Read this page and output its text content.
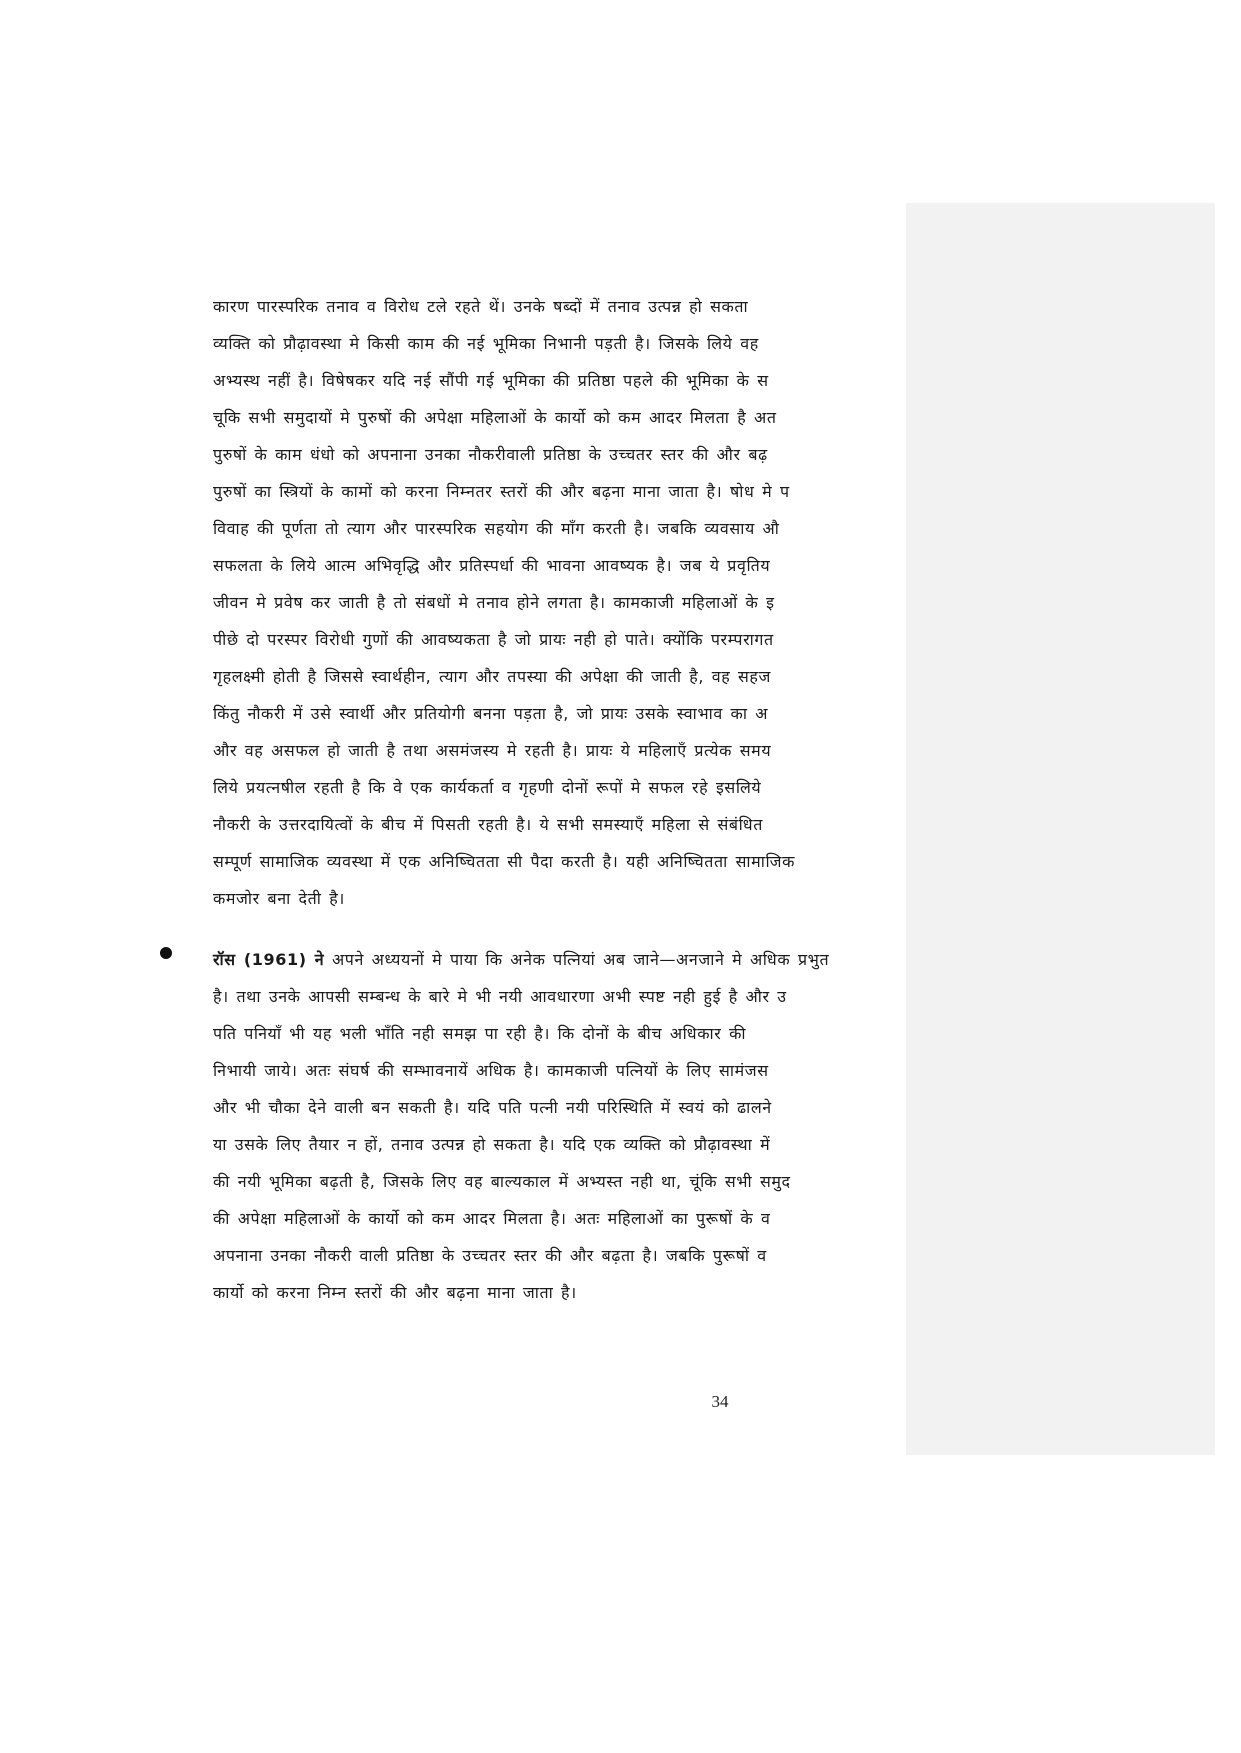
कारण पारस्परिक तनाव व विरोध टले रहते थें। उनके षब्दों में तनाव उत्पन्न हो सकता
व्यक्ति को प्रौढ़ावस्था मे किसी काम की नई भूमिका निभानी पड़ती है। जिसके लिये वह
अभ्यस्थ नहीं है। विषेषकर यदि नई सौंपी गई भूमिका की प्रतिष्ठा पहले की भूमिका के स
चूकि सभी समुदायों मे पुरुषों की अपेक्षा महिलाओं के कार्यो को कम आदर मिलता है अत
पुरुषों के काम धंधो को अपनाना उनका नौकरीवाली प्रतिष्ठा के उच्चतर स्तर की और बढ़
पुरुषों का स्त्रियों के कामों को करना निम्नतर स्तरों की और बढ़ना माना जाता है। षोध मे प
विवाह की पूर्णता तो त्याग और पारस्परिक सहयोग की माँग करती है। जबकि व्यवसाय औ
सफलता के लिये आत्म अभिवृद्धि और प्रतिस्पर्धा की भावना आवष्यक है। जब ये प्रवृतिय
जीवन मे प्रवेष कर जाती है तो संबधों मे तनाव होने लगता है। कामकाजी महिलाओं के इ
पीछे दो परस्पर विरोधी गुणों की आवष्यकता है जो प्रायः नही हो पाते। क्योंकि परम्परागत
गृहलक्ष्मी होती है जिससे स्वार्थहीन, त्याग और तपस्या की अपेक्षा की जाती है, वह सहज
किंतु नौकरी में उसे स्वार्थी और प्रतियोगी बनना पड़ता है, जो प्रायः उसके स्वाभाव का अ
और वह असफल हो जाती है तथा असमंजस्य मे रहती है। प्रायः ये महिलाएँ प्रत्येक समय
लिये प्रयत्नषील रहती है कि वे एक कार्यकर्ता व गृहणी दोनों रूपों मे सफल रहे इसलिये
नौकरी के उत्तरदायित्वों के बीच में पिसती रहती है। ये सभी समस्याएँ महिला से संबंधित
सम्पूर्ण सामाजिक व्यवस्था में एक अनिष्चितता सी पैदा करती है। यही अनिष्चितता सामाजिक
कमजोर बना देती है।
रॉस (1961) ने अपने अध्ययनों मे पाया कि अनेक पत्नियां अब जाने—अनजाने मे अधिक प्रभुत
है। तथा उनके आपसी सम्बन्ध के बारे मे भी नयी आवधारणा अभी स्पष्ट नही हुई है और उ
पति पनियाँ भी यह भली भाँति नही समझ पा रही है। कि दोनों के बीच अधिकार की
निभायी जाये। अतः संघर्ष की सम्भावनायें अधिक है। कामकाजी पत्नियों के लिए सामंजस
और भी चौका देने वाली बन सकती है। यदि पति पत्नी नयी परिस्थिति में स्वयं को ढालने
या उसके लिए तैयार न हों, तनाव उत्पन्न हो सकता है। यदि एक व्यक्ति को प्रौढ़ावस्था में
की नयी भूमिका बढ़ती है, जिसके लिए वह बाल्यकाल में अभ्यस्त नही था, चूंकि सभी समुद
की अपेक्षा महिलाओं के कार्यो को कम आदर मिलता है। अतः महिलाओं का पुरूषों के व
अपनाना उनका नौकरी वाली प्रतिष्ठा के उच्चतर स्तर की और बढ़ता है। जबकि पुरूषों व
कार्यो को करना निम्न स्तरों की और बढ़ना माना जाता है।
34
